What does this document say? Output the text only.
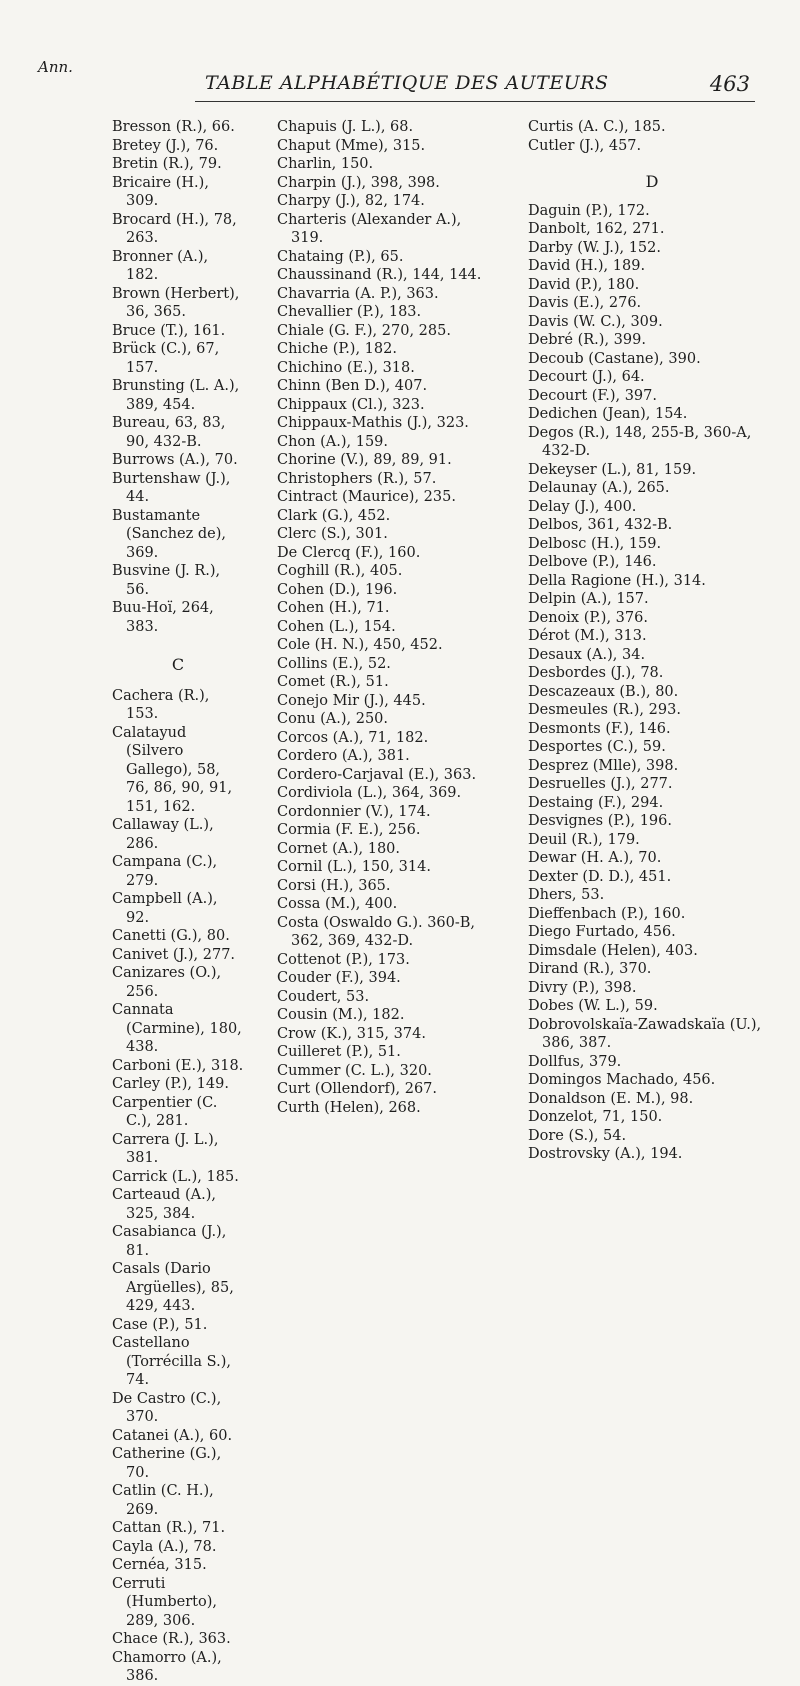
Ann.
TABLE ALPHABÉTIQUE DES AUTEURS	463
Bresson (R.), 66.
Bretey (J.), 76.
Bretin (R.), 79.
Bricaire (H.), 309.
Brocard (H.), 78, 263.
Bronner (A.), 182.
Brown (Herbert), 36, 365.
Bruce (T.), 161.
Brück (C.), 67, 157.
Brunsting (L. A.), 389, 454.
Bureau, 63, 83, 90, 432-B.
Burrows (A.), 70.
Burtenshaw (J.), 44.
Bustamante (Sanchez de), 369.
Busvine (J. R.), 56.
Buu-Hoï, 264, 383.
C
Cachera (R.), 153.
Calatayud (Silvero Gallego), 58, 76, 86, 90, 91, 151, 162.
Callaway (L.), 286.
Campana (C.), 279.
Campbell (A.), 92.
Canetti (G.), 80.
Canivet (J.), 277.
Canizares (O.), 256.
Cannata (Carmine), 180, 438.
Carboni (E.), 318.
Carley (P.), 149.
Carpentier (C. C.), 281.
Carrera (J. L.), 381.
Carrick (L.), 185.
Carteaud (A.), 325, 384.
Casabianca (J.), 81.
Casals (Dario Argüelles), 85, 429, 443.
Case (P.), 51.
Castellano (Torrécilla S.), 74.
De Castro (C.), 370.
Catanei (A.), 60.
Catherine (G.), 70.
Catlin (C. H.), 269.
Cattan (R.), 71.
Cayla (A.), 78.
Cernéa, 315.
Cerruti (Humberto), 289, 306.
Chace (R.), 363.
Chamorro (A.), 386.
Chapuis (J. L.), 68.
Chaput (Mme), 315.
Charlin, 150.
Charpin (J.), 398, 398.
Charpy (J.), 82, 174.
Charteris (Alexander A.), 319.
Chataing (P.), 65.
Chaussinand (R.), 144, 144.
Chavarria (A. P.), 363.
Chevallier (P.), 183.
Chiale (G. F.), 270, 285.
Chiche (P.), 182.
Chichino (E.), 318.
Chinn (Ben D.), 407.
Chippaux (Cl.), 323.
Chippaux-Mathis (J.), 323.
Chon (A.), 159.
Chorine (V.), 89, 89, 91.
Christophers (R.), 57.
Cintract (Maurice), 235.
Clark (G.), 452.
Clerc (S.), 301.
De Clercq (F.), 160.
Coghill (R.), 405.
Cohen (D.), 196.
Cohen (H.), 71.
Cohen (L.), 154.
Cole (H. N.), 450, 452.
Collins (E.), 52.
Comet (R.), 51.
Conejo Mir (J.), 445.
Conu (A.), 250.
Corcos (A.), 71, 182.
Cordero (A.), 381.
Cordero-Carjaval (E.), 363.
Cordiviola (L.), 364, 369.
Cordonnier (V.), 174.
Cormia (F. E.), 256.
Cornet (A.), 180.
Cornil (L.), 150, 314.
Corsi (H.), 365.
Cossa (M.), 400.
Costa (Oswaldo G.). 360-B, 362, 369, 432-D.
Cottenot (P.), 173.
Couder (F.), 394.
Coudert, 53.
Cousin (M.), 182.
Crow (K.), 315, 374.
Cuilleret (P.), 51.
Cummer (C. L.), 320.
Curt (Ollendorf), 267.
Curth (Helen), 268.
Curtis (A. C.), 185.
Cutler (J.), 457.
D
Daguin (P.), 172.
Danbolt, 162, 271.
Darby (W. J.), 152.
David (H.), 189.
David (P.), 180.
Davis (E.), 276.
Davis (W. C.), 309.
Debré (R.), 399.
Decoub (Castane), 390.
Decourt (J.), 64.
Decourt (F.), 397.
Dedichen (Jean), 154.
Degos (R.), 148, 255-B, 360-A, 432-D.
Dekeyser (L.), 81, 159.
Delaunay (A.), 265.
Delay (J.), 400.
Delbos, 361, 432-B.
Delbosc (H.), 159.
Delbove (P.), 146.
Della Ragione (H.), 314.
Delpin (A.), 157.
Denoix (P.), 376.
Dérot (M.), 313.
Desaux (A.), 34.
Desbordes (J.), 78.
Descazeaux (B.), 80.
Desmeules (R.), 293.
Desmonts (F.), 146.
Desportes (C.), 59.
Desprez (Mlle), 398.
Desruelles (J.), 277.
Destaing (F.), 294.
Desvignes (P.), 196.
Deuil (R.), 179.
Dewar (H. A.), 70.
Dexter (D. D.), 451.
Dhers, 53.
Dieffenbach (P.), 160.
Diego Furtado, 456.
Dimsdale (Helen), 403.
Dirand (R.), 370.
Divry (P.), 398.
Dobes (W. L.), 59.
Dobrovolskaïa-Zawadskaïa (U.), 386, 387.
Dollfus, 379.
Domingos Machado, 456.
Donaldson (E. M.), 98.
Donzelot, 71, 150.
Dore (S.), 54.
Dostrovsky (A.), 194.
